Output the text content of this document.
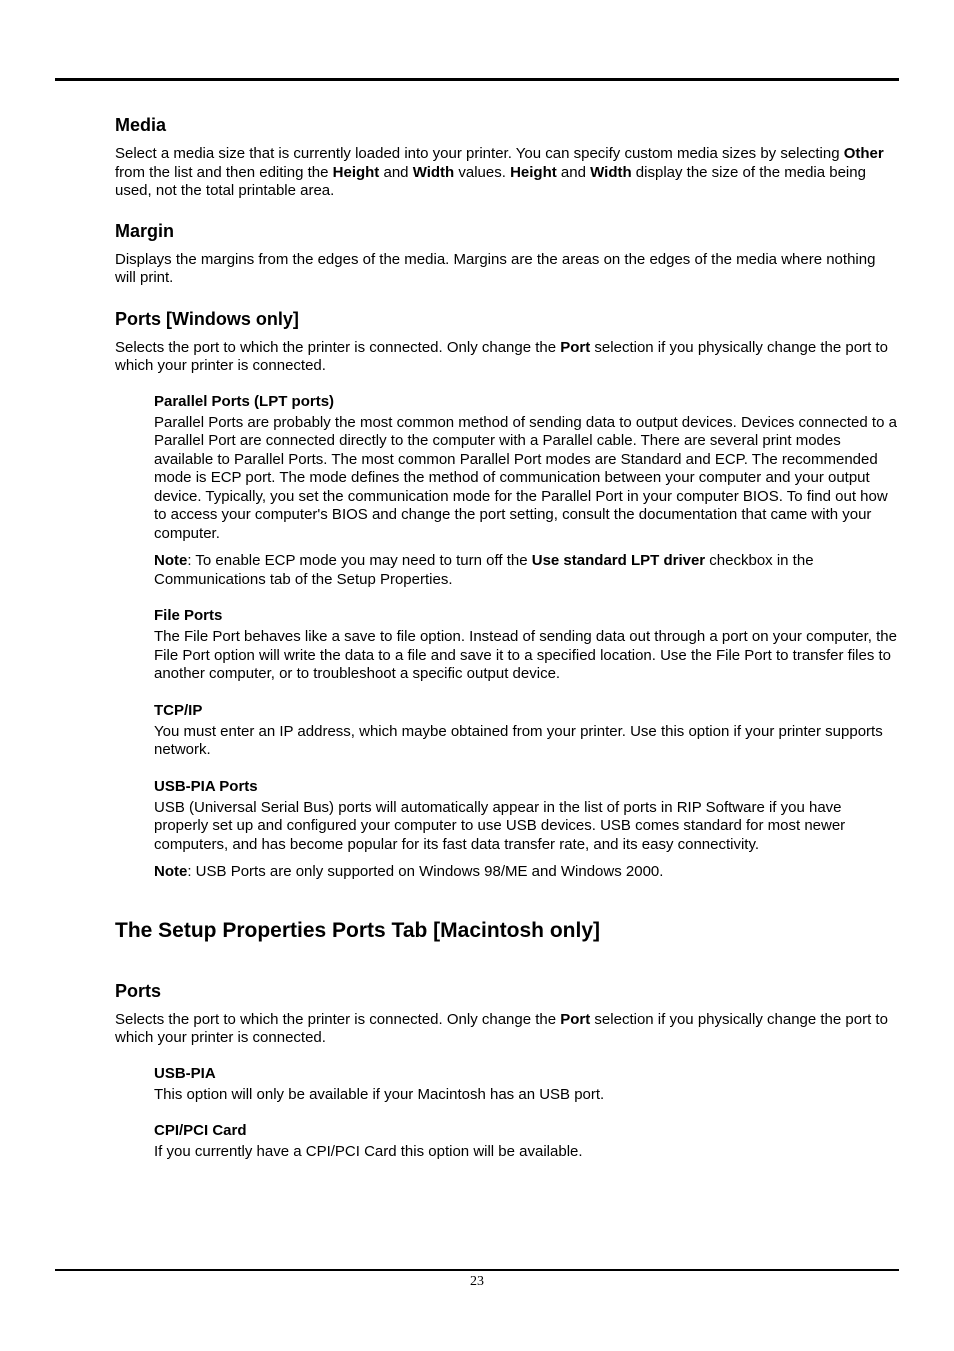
Media

Select a media size that is currently loaded into your printer. You can specify custom media sizes by selecting Other from the list and then editing the Height and Width values. Height and Width display the size of the media being used, not the total printable area.

Margin

Displays the margins from the edges of the media. Margins are the areas on the edges of the media where nothing will print.

Ports [Windows only]

Selects the port to which the printer is connected. Only change the Port selection if you physically change the port to which your printer is connected.

Parallel Ports (LPT ports)

Parallel Ports are probably the most common method of sending data to output devices. Devices connected to a Parallel Port are connected directly to the computer with a Parallel cable. There are several print modes available to Parallel Ports. The most common Parallel Port modes are Standard and ECP. The recommended mode is ECP port. The mode defines the method of communication between your computer and your output device. Typically, you set the communication mode for the Parallel Port in your computer BIOS. To find out how to access your computer's BIOS and change the port setting, consult the documentation that came with your computer.

Note: To enable ECP mode you may need to turn off the Use standard LPT driver checkbox in the Communications tab of the Setup Properties.

File Ports

The File Port behaves like a save to file option. Instead of sending data out through a port on your computer, the File Port option will write the data to a file and save it to a specified location. Use the File Port to transfer files to another computer, or to troubleshoot a specific output device.

TCP/IP

You must enter an IP address, which maybe obtained from your printer. Use this option if your printer supports network.

USB-PIA Ports

USB (Universal Serial Bus) ports will automatically appear in the list of ports in RIP Software if you have properly set up and configured your computer to use USB devices. USB comes standard for most newer computers, and has become popular for its fast data transfer rate, and its easy connectivity.

Note: USB Ports are only supported on Windows 98/ME and Windows 2000.

The Setup Properties Ports Tab [Macintosh only]

Ports

Selects the port to which the printer is connected. Only change the Port selection if you physically change the port to which your printer is connected.

USB-PIA

This option will only be available if your Macintosh has an USB port.

CPI/PCI Card

If you currently have a CPI/PCI Card this option will be available.

23
